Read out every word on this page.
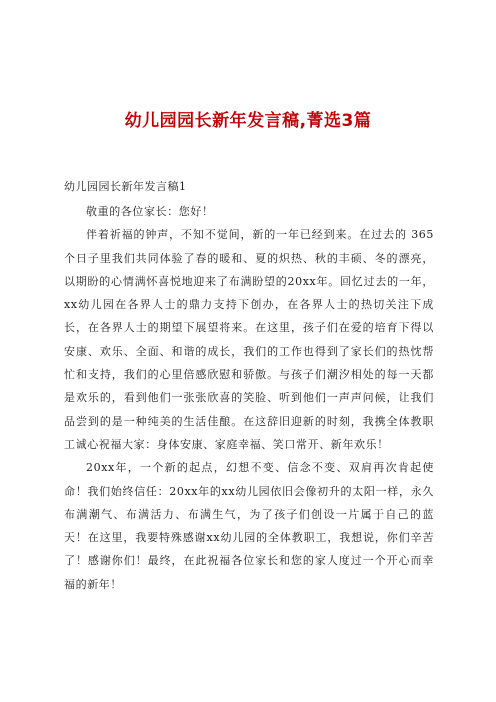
幼儿园园长新年发言稿,菁选3篇
幼儿园园长新年发言稿1

敬重的各位家长：您好！

伴着祈福的钟声，不知不觉间，新的一年已经到来。在过去的 365个日子里我们共同体验了春的暖和、夏的炽热、秋的丰硕、冬的漂亮，以期盼的心情满怀喜悦地迎来了布满盼望的20xx年。回忆过去的一年，xx幼儿园在各界人士的鼎力支持下创办，在各界人士的热切关注下成长，在各界人士的期望下展望将来。在这里，孩子们在爱的培育下得以安康、欢乐、全面、和谐的成长，我们的工作也得到了家长们的热忱帮忙和支持，我们的心里倍感欣慰和骄傲。与孩子们潮汐相处的每一天都是欢乐的，看到他们一张张欣喜的笑脸、听到他们一声声问候，让我们品尝到的是一种纯美的生活佳酿。在这辞旧迎新的时刻，我携全体教职工诚心祝福大家：身体安康、家庭幸福、笑口常开、新年欢乐！

20xx年，一个新的起点，幻想不变、信念不变、双肩再次肯起使命！我们始终信任：20xx年的xx幼儿园依旧会像初升的太阳一样，永久布满潮气、布满活力、布满生气，为了孩子们创设一片属于自己的蓝天！在这里，我要特殊感谢xx幼儿园的全体教职工，我想说，你们辛苦了！感谢你们！最终，在此祝福各位家长和您的家人度过一个开心而幸福的新年！
